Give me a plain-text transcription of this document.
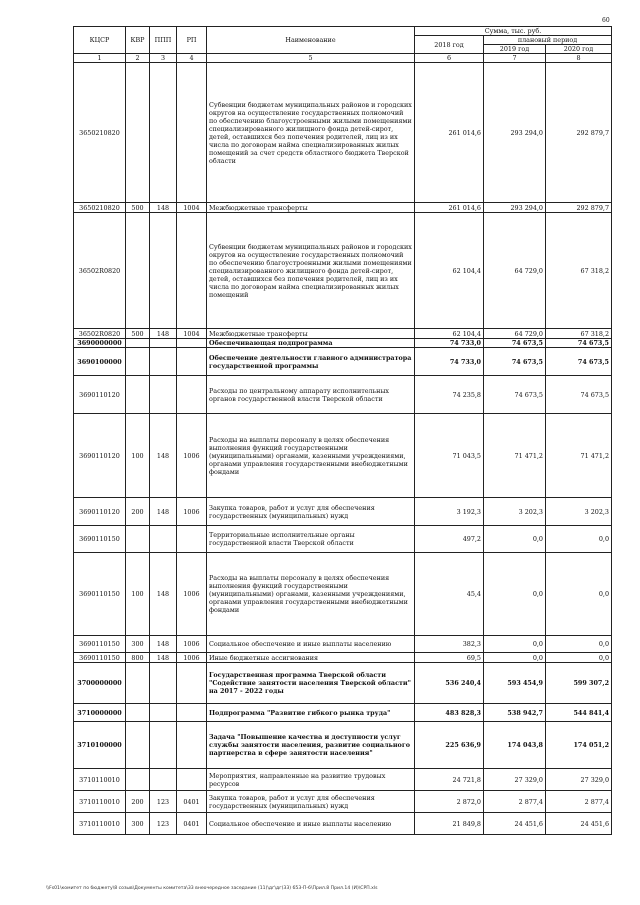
60
КЦСР	КВР	ППП	РП	Наименование	Сумма, тыс. руб.		
					2018 год	плановый период	
						2019 год	2020 год
1	2	3	4	5	6	7	8
3650210820				Субвенции бюджетам муниципальных районов и городских округов на осуществление государственных полномочий по обеспечению благоустроенными жилыми помещениями специализированного жилищного фонда детей-сирот, детей, оставшихся без попечения родителей, лиц из их числа по договорам найма специализированных жилых помещений за счет средств областного бюджета Тверской области	261 014,6	293 294,0	292 879,7
3650210820	500	148	1004	Межбюджетные трансферты	261 014,6	293 294,0	292 879,7
36502R0820				Субвенции бюджетам муниципальных районов и городских округов на осуществление государственных полномочий по обеспечению благоустроенными жилыми помещениями специализированного жилищного фонда детей-сирот, детей, оставшихся без попечения родителей, лиц из их числа по договорам найма специализированных жилых помещений	62 104,4	64 729,0	67 318,2
36502R0820	500	148	1004	Межбюджетные трансферты	62 104,4	64 729,0	67 318,2
3690000000				Обеспечивающая подпрограмма	74 733,0	74 673,5	74 673,5
3690100000				Обеспечение деятельности главного администратора государственной программы	74 733,0	74 673,5	74 673,5
3690110120				Расходы по центральному аппарату исполнительных органов государственной власти Тверской области	74 235,8	74 673,5	74 673,5
3690110120	100	148	1006	Расходы на выплаты персоналу в целях обеспечения выполнения функций государственными (муниципальными) органами, казенными учреждениями, органами управления государственными внебюджетными фондами	71 043,5	71 471,2	71 471,2
3690110120	200	148	1006	Закупка товаров, работ и услуг для обеспечения государственных (муниципальных) нужд	3 192,3	3 202,3	3 202,3
3690110150				Территориальные исполнительные органы государственной власти Тверской области	497,2	0,0	0,0
3690110150	100	148	1006	Расходы на выплаты персоналу в целях обеспечения выполнения функций государственными (муниципальными) органами, казенными учреждениями, органами управления государственными внебюджетными фондами	45,4	0,0	0,0
3690110150	300	148	1006	Социальное обеспечение и иные выплаты населению	382,3	0,0	0,0
3690110150	800	148	1006	Иные бюджетные ассигнования	69,5	0,0	0,0
3700000000				Государственная программа Тверской области "Содействие занятости населения Тверской области" на 2017 - 2022 годы	536 240,4	593 454,9	599 307,2
3710000000				Подпрограмма "Развитие гибкого рынка труда"	483 828,3	538 942,7	544 841,4
3710100000				Задача "Повышение качества и доступности услуг службы занятости населения, развитие социального партнерства в сфере занятости населения"	225 636,9	174 043,8	174 051,2
3710110010				Мероприятия, направленные на развитие трудовых ресурсов	24 721,8	27 329,0	27 329,0
3710110010	200	123	0401	Закупка товаров, работ и услуг для обеспечения государственных (муниципальных) нужд	2 872,0	2 877,4	2 877,4
3710110010	300	123	0401	Социальное обеспечение и иные выплаты населению	21 849,8	24 451,6	24 451,6
\\Fs01\комитет по бюджету\8 созыв\Документы комитета\33 внеочередное заседание (11)\дг\дг(33) 653-П-6\Прил.8 Прил.14 (И)\СРП.xls
